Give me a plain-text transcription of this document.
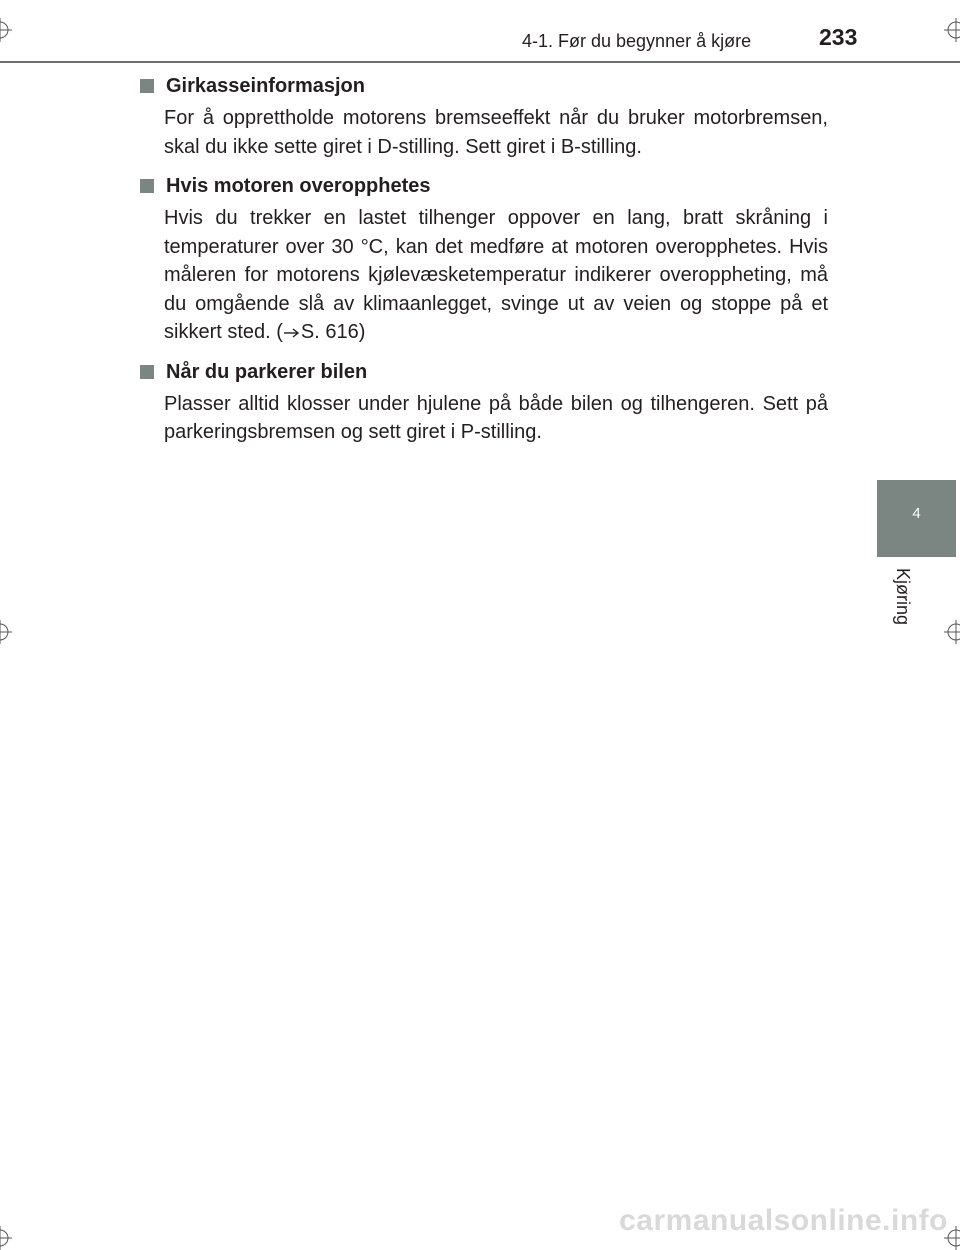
4-1. Før du begynner å kjøre	233
4
Kjøring
Girkasseinformasjon
For å opprettholde motorens bremseeffekt når du bruker motorbremsen, skal du ikke sette giret i D-stilling. Sett giret i B-stilling.
Hvis motoren overopphetes
Hvis du trekker en lastet tilhenger oppover en lang, bratt skråning i temperaturer over 30 °C, kan det medføre at motoren overopphetes. Hvis måleren for motorens kjølevæsketemperatur indikerer overoppheting, må du omgående slå av klimaanlegget, svinge ut av veien og stoppe på et sikkert sted. ( S. 616)
Når du parkerer bilen
Plasser alltid klosser under hjulene på både bilen og tilhengeren. Sett på parkeringsbremsen og sett giret i P-stilling.
carmanualsonline.info
